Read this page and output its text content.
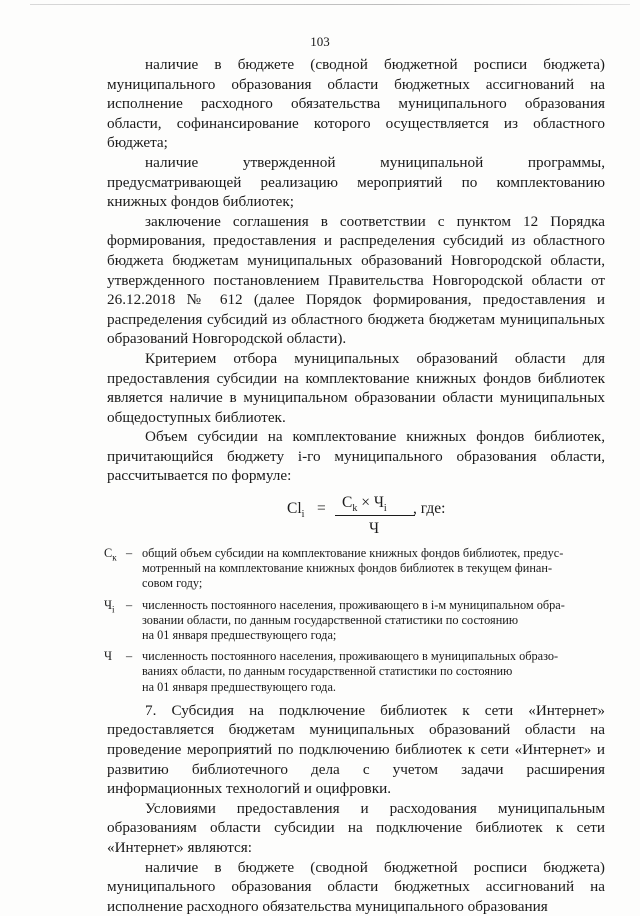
103

наличие в бюджете (сводной бюджетной росписи бюджета) муниципального образования области бюджетных ассигнований на исполнение расходного обязательства муниципального образования области, софинансирование которого осуществляется из областного бюджета;

наличие утвержденной муниципальной программы, предусматривающей реализацию мероприятий по комплектованию книжных фондов библиотек;

заключение соглашения в соответствии с пунктом 12 Порядка формирования, предоставления и распределения субсидий из областного бюджета бюджетам муниципальных образований Новгородской области, утвержденного постановлением Правительства Новгородской области от 26.12.2018 № 612 (далее Порядок формирования, предоставления и распределения субсидий из областного бюджета бюджетам муниципальных образований Новгородской области).

Критерием отбора муниципальных образований области для предоставления субсидии на комплектование книжных фондов библиотек является наличие в муниципальном образовании области муниципальных общедоступных библиотек.

Объем субсидии на комплектование книжных фондов библиотек, причитающийся бюджету i-го муниципального образования области, рассчитывается по формуле:

$Cl_i = C_k \times Ч_i$
Ч
, где:
$С_к$ – общий объем субсидии на комплектование книжных фондов библиотек, предус-

мотренный на комплектование книжных фондов библиотек в текущем финан-

совом году;

$Ч_i$ – численность постоянного населения, проживающего в i-м муниципальном обра-

зовании области, по данным государственной статистики по состоянию

на 01 января предшествующего года;

Ч	– численность постоянного населения, проживающего в муниципальных образо-

ваниях области, по данным государственной статистики по состоянию

на 01 января предшествующего года.

7. Субсидия на подключение библиотек к сети «Интернет» предоставляется бюджетам муниципальных образований области на проведение мероприятий по подключению библиотек к сети «Интернет» и развитию библиотечного дела с учетом задачи расширения информационных технологий и оцифровки.

Условиями предоставления и расходования муниципальным образованиям области субсидии на подключение библиотек к сети «Интернет» являются:

наличие в бюджете (сводной бюджетной росписи бюджета) муниципального образования области бюджетных ассигнований на исполнение расходного обязательства муниципального образования
